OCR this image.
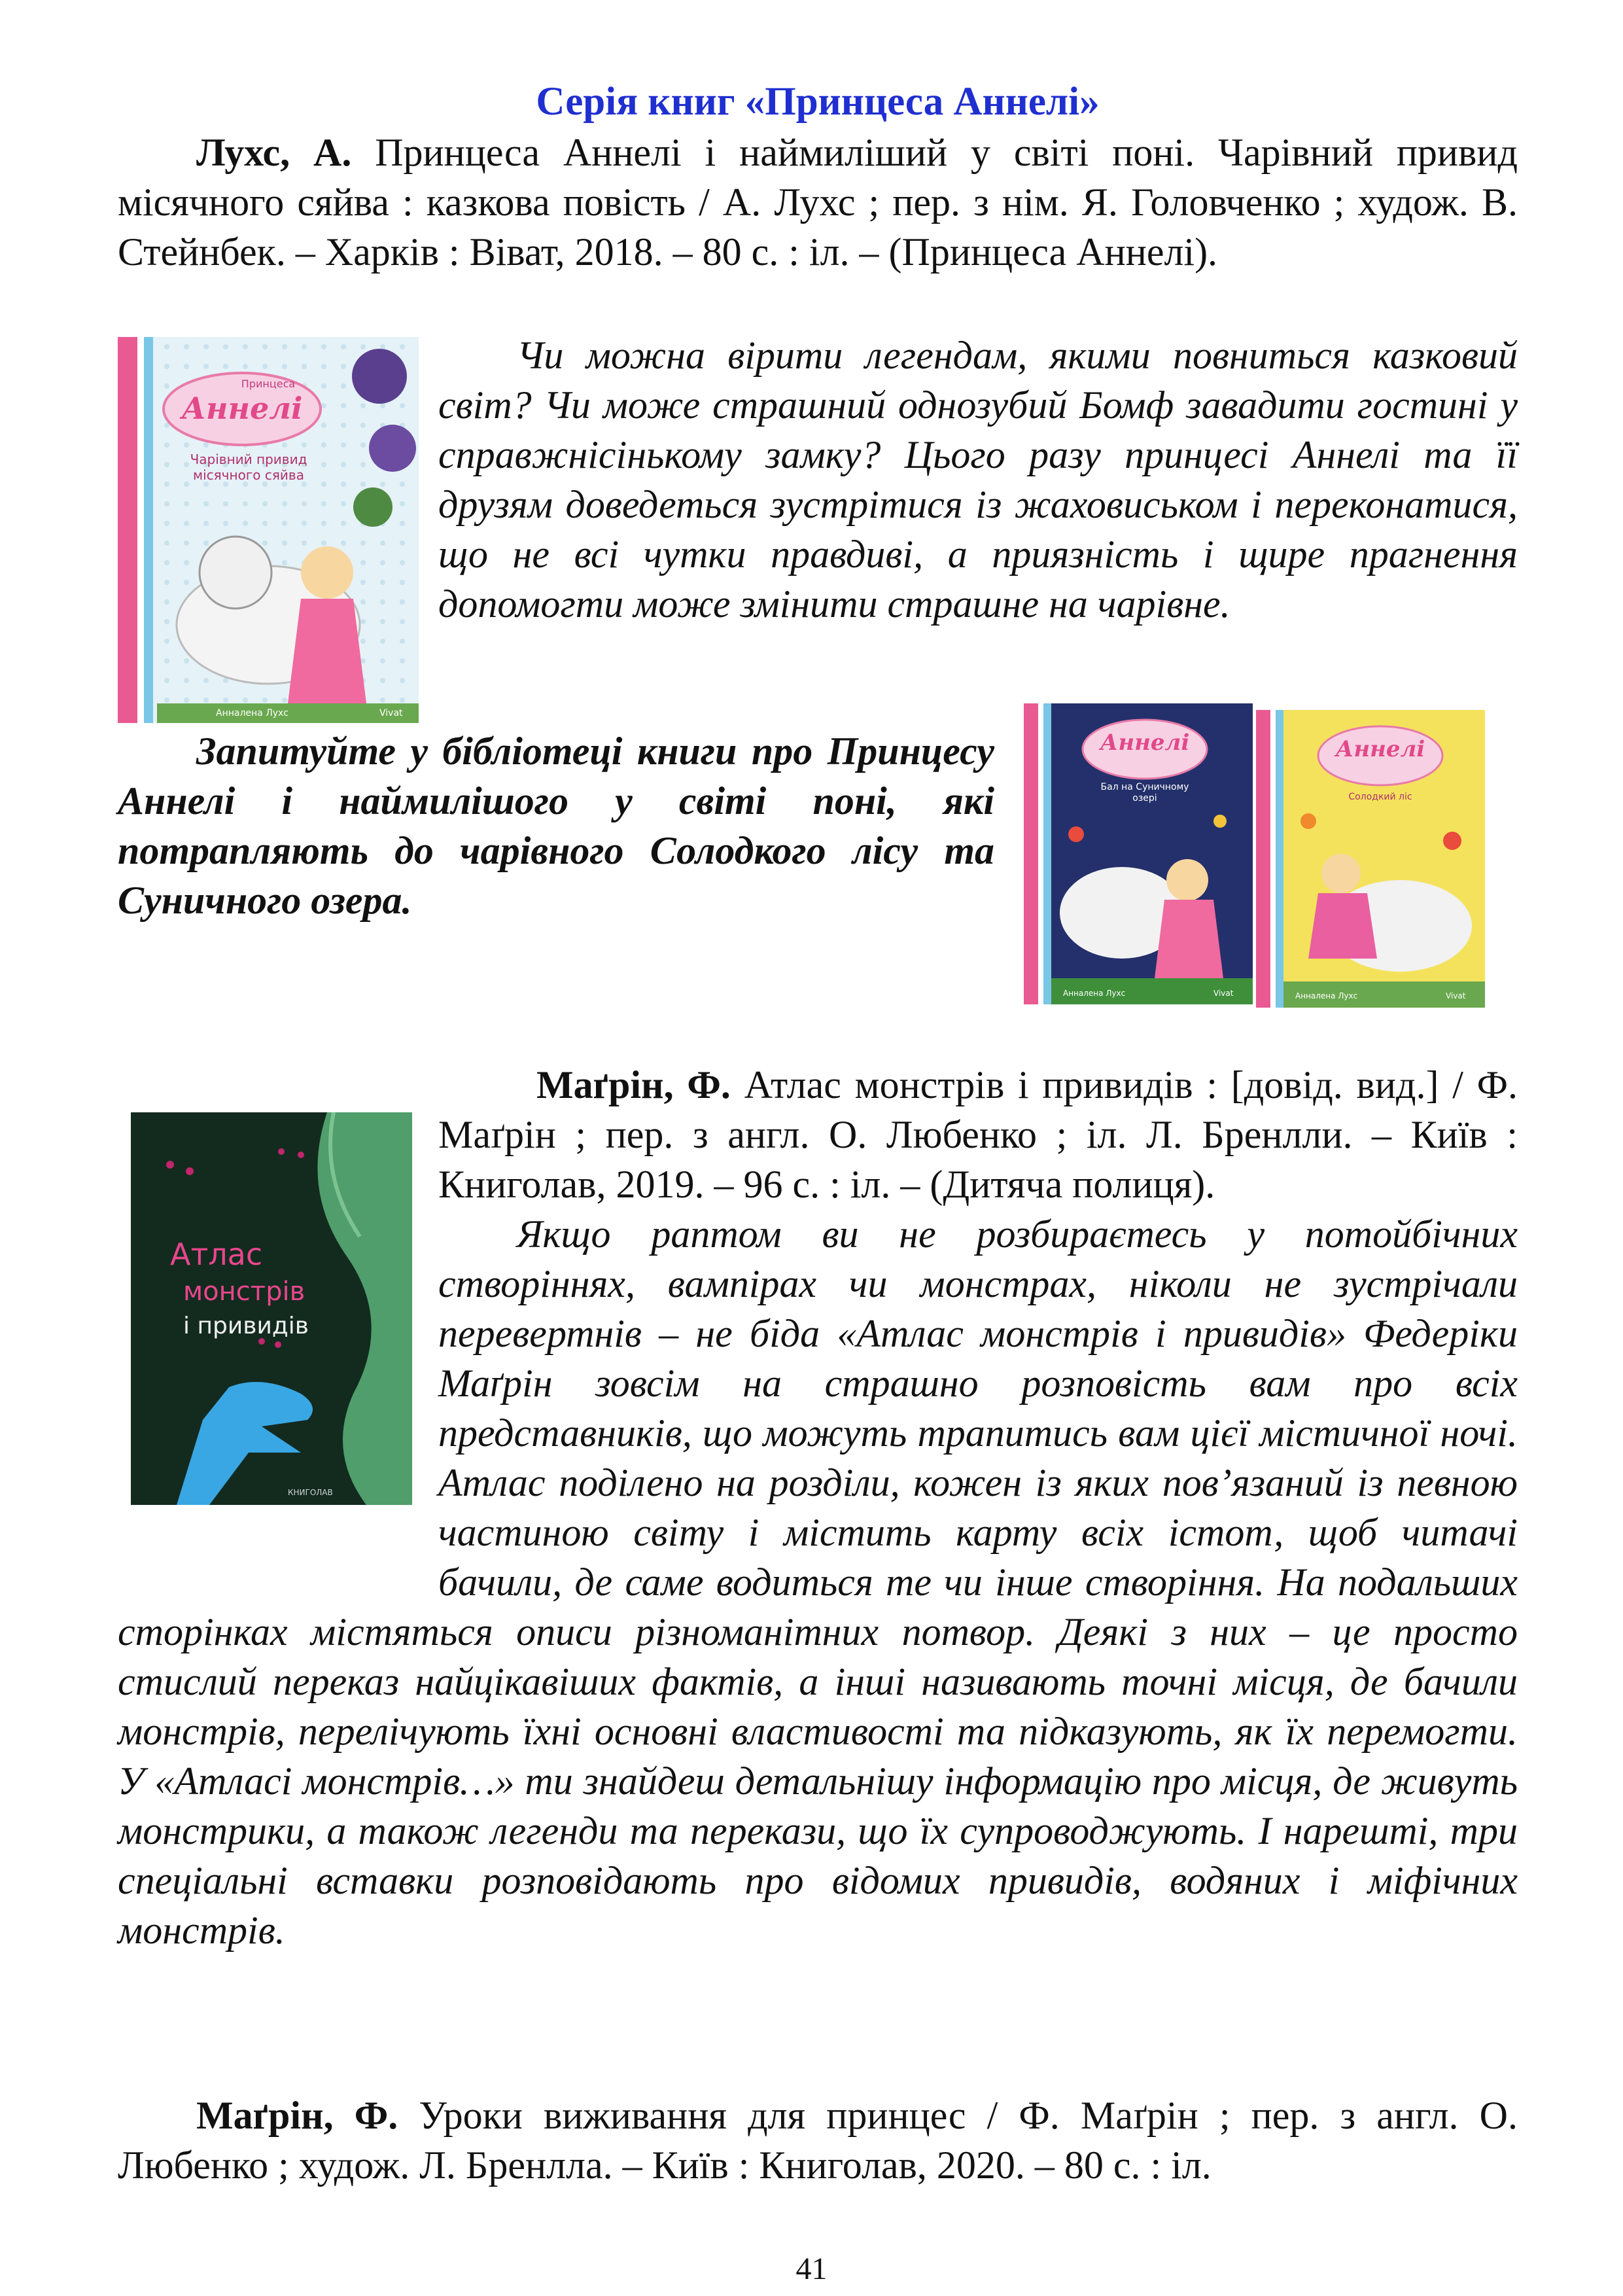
Серія книг «Принцеса Аннелі»
Лухс, А. Принцеса Аннелі і наймиліший у світі поні. Чарівний привид місячного сяйва : казкова повість / А. Лухс ; пер. з нім. Я. Головченко ; худож. В. Стейнбек. – Харків : Віват, 2018. – 80 с. : іл. – (Принцеса Аннелі).
Принцеса
Аннелі
Чарівний привид місячного сяйва
Анналена Лухс	Vivat
Чи можна вірити легендам, якими повниться казковий світ? Чи може страшний однозубий Бомф завадити гостині у справжнісінькому замку? Цього разу принцесі Аннелі та її друзям доведеться зустрітися із жаховиськом і переконатися, що не всі чутки правдиві, а приязність і щире прагнення допомогти може змінити страшне на чарівне.
Запитуйте у бібліотеці книги про Принцесу Аннелі і наймилішого у світі поні, які потрапляють до чарівного Солодкого лісу та Суничного озера.
Аннелі
Бал на Суничному озері
Анналена Лухс	Vivat
Аннелі
Солодкий ліс
Анналена Лухс	Vivat
Атлас
монстрів
і привидів
КНИГОЛАВ
Маґрін, Ф. Атлас монстрів і привидів : [довід. вид.] / Ф. Маґрін ; пер. з англ. О. Любенко ; іл. Л. Бренлли. – Київ : Книголав, 2019. – 96 с. : іл. – (Дитяча полиця).
Якщо раптом ви не розбираєтесь у потойбічних створіннях, вампірах чи монстрах, ніколи не зустрічали перевертнів – не біда «Атлас монстрів і привидів» Федеріки Маґрін зовсім на страшно розповість вам про всіх представників, що можуть трапитись вам цієї містичної ночі. Атлас поділено на розділи, кожен із яких пов’язаний із певною частиною світу і містить карту всіх істот, щоб читачі бачили, де саме водиться те чи інше створіння. На подальших сторінках містяться описи різноманітних потвор. Деякі з них – це просто стислий переказ найцікавіших фактів, а інші називають точні місця, де бачили монстрів, перелічують їхні основні властивості та підказують, як їх перемогти. У «Атласі монстрів…» ти знайдеш детальнішу інформацію про місця, де живуть монстрики, а також легенди та перекази, що їх супроводжують. І нарешті, три спеціальні вставки розповідають про відомих привидів, водяних і міфічних монстрів.
Маґрін, Ф. Уроки виживання для принцес / Ф. Маґрін ; пер. з англ. О. Любенко ; худож. Л. Бренлла. – Київ : Книголав, 2020. – 80 с. : іл.
41
